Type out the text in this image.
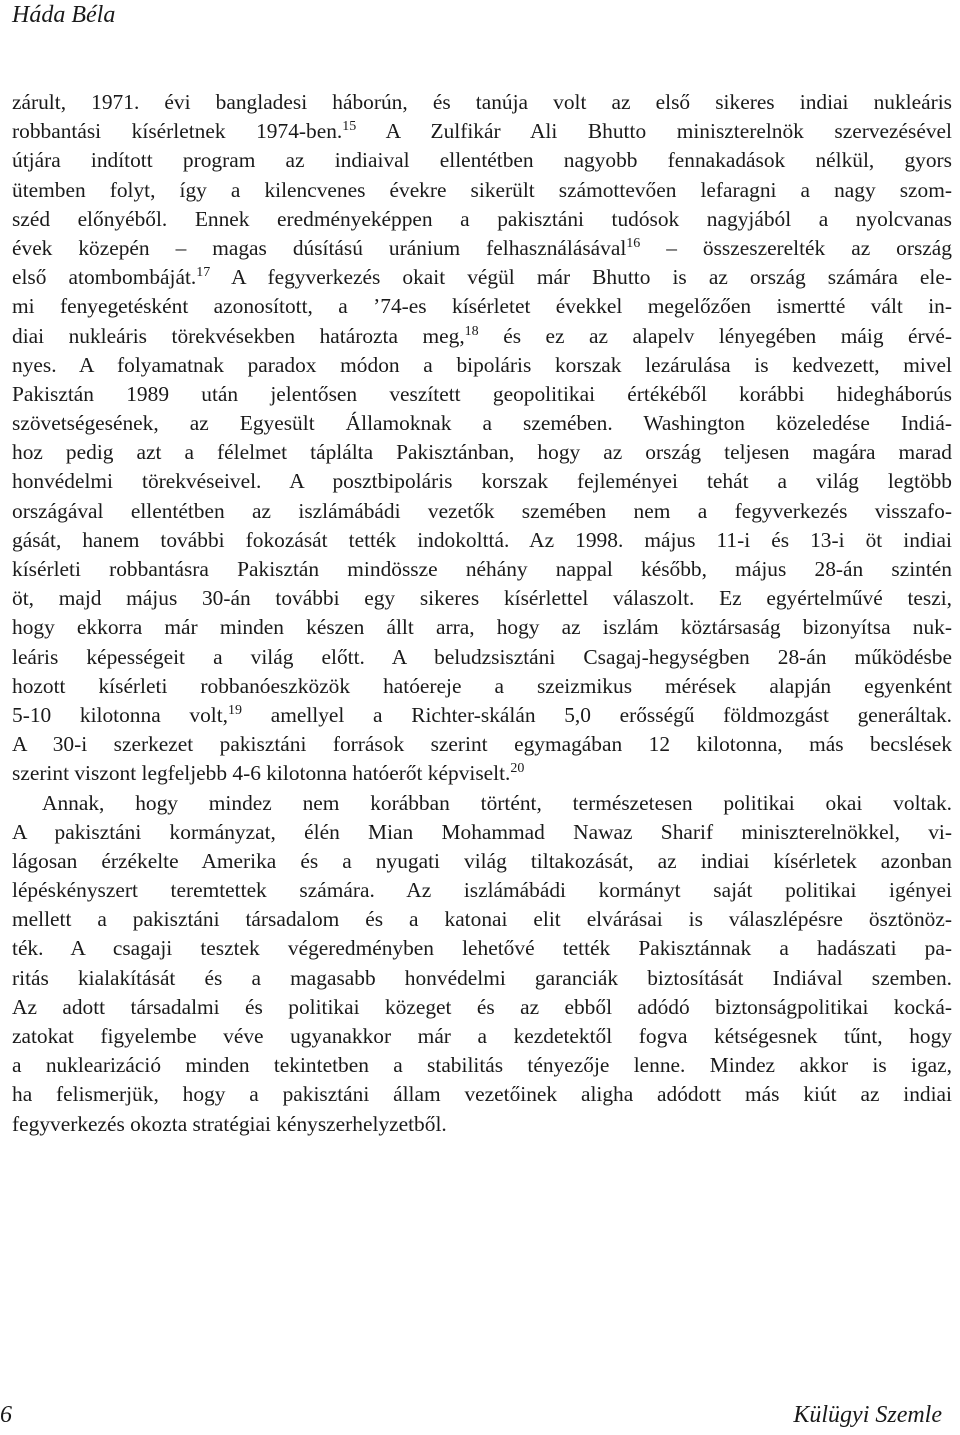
Háda Béla
zárult, 1971. évi bangladesi háborún, és tanúja volt az első sikeres indiai nukleáris
robbantási kísérletnek 1974-ben.$^{15}$ A Zulfikár Ali Bhutto miniszterelnök szervezésével
útjára indított program az indiaival ellentétben nagyobb fennakadások nélkül, gyors
ütemben folyt, így a kilencvenes évekre sikerült számottevően lefaragni a nagy szom-
széd előnyéből. Ennek eredményeképpen a pakisztáni tudósok nagyjából a nyolcvanas
évek közepén – magas dúsítású uránium felhasználásával$^{16}$ – összeszerelték az ország
első atombombáját.$^{17}$ A fegyverkezés okait végül már Bhutto is az ország számára ele-
mi fenyegetésként azonosított, a ’74-es kísérletet évekkel megelőzően ismertté vált in-
diai nukleáris törekvésekben határozta meg,$^{18}$ és ez az alapelv lényegében máig érvé-
nyes. A folyamatnak paradox módon a bipoláris korszak lezárulása is kedvezett, mivel
Pakisztán 1989 után jelentősen veszített geopolitikai értékéből korábbi hidegháborús
szövetségesének, az Egyesült Államoknak a szemében. Washington közeledése Indiá-
hoz pedig azt a félelmet táplálta Pakisztánban, hogy az ország teljesen magára marad
honvédelmi törekvéseivel. A posztbipoláris korszak fejleményei tehát a világ legtöbb
országával ellentétben az iszlámábádi vezetők szemében nem a fegyverkezés visszafo-
gását, hanem további fokozását tették indokolttá. Az 1998. május 11-i és 13-i öt indiai
kísérleti robbantásra Pakisztán mindössze néhány nappal később, május 28-án szintén
öt, majd május 30-án további egy sikeres kísérlettel válaszolt. Ez egyértelművé teszi,
hogy ekkorra már minden készen állt arra, hogy az iszlám köztársaság bizonyítsa nuk-
leáris képességeit a világ előtt. A beludzsisztáni Csagaj-hegységben 28-án működésbe
hozott kísérleti robbanóeszközök hatóereje a szeizmikus mérések alapján egyenként
5-10 kilotonna volt,$^{19}$ amellyel a Richter-skálán 5,0 erősségű földmozgást generáltak.
A 30-i szerkezet pakisztáni források szerint egymagában 12 kilotonna, más becslések
szerint viszont legfeljebb 4-6 kilotonna hatóerőt képviselt.$^{20}$
Annak, hogy mindez nem korábban történt, természetesen politikai okai voltak.
A pakisztáni kormányzat, élén Mian Mohammad Nawaz Sharif miniszterelnökkel, vi-
lágosan érzékelte Amerika és a nyugati világ tiltakozását, az indiai kísérletek azonban
lépéskényszert teremtettek számára. Az iszlámábádi kormányt saját politikai igényei
mellett a pakisztáni társadalom és a katonai elit elvárásai is válaszlépésre ösztönöz-
ték. A csagaji tesztek végeredményben lehetővé tették Pakisztánnak a hadászati pa-
ritás kialakítását és a magasabb honvédelmi garanciák biztosítását Indiával szemben.
Az adott társadalmi és politikai közeget és az ebből adódó biztonságpolitikai kocká-
zatokat figyelembe véve ugyanakkor már a kezdetektől fogva kétségesnek tűnt, hogy
a nuklearizáció minden tekintetben a stabilitás tényezője lenne. Mindez akkor is igaz,
ha felismerjük, hogy a pakisztáni állam vezetőinek aligha adódott más kiút az indiai
fegyverkezés okozta stratégiai kényszerhelyzetből.
6	Külügyi Szemle
